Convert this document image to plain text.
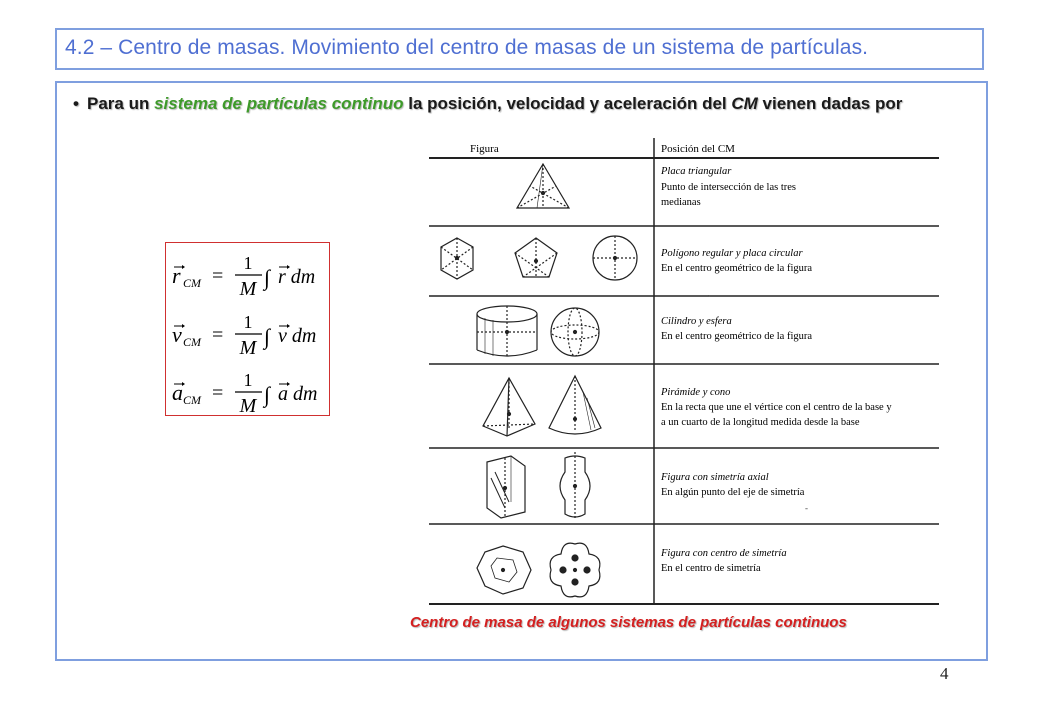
4.2 – Centro de masas. Movimiento del centro de masas de un sistema de partículas.
• Para un sistema de partículas continuo la posición, velocidad y aceleración del CM vienen dadas por
r CM =
1
M ∫ r dm
v CM =
1
M ∫ v dm
a CM =
1
M ∫ a dm
Figura	Posición del CM
Placa triangular
Punto de intersección de las tres
medianas
Polígono regular y placa circular
En el centro geométrico de la figura
`
Cilindro y esfera
En el centro geométrico de la figura
Pirámide y cono
En la recta que une el vértice con el centro de la base y
a un cuarto de la longitud medida desde la base
Figura con simetría axial
En algún punto del eje de simetría
-
Figura con centro de simetría
En el centro de simetría
Centro de masa de algunos sistemas de partículas continuos
4
